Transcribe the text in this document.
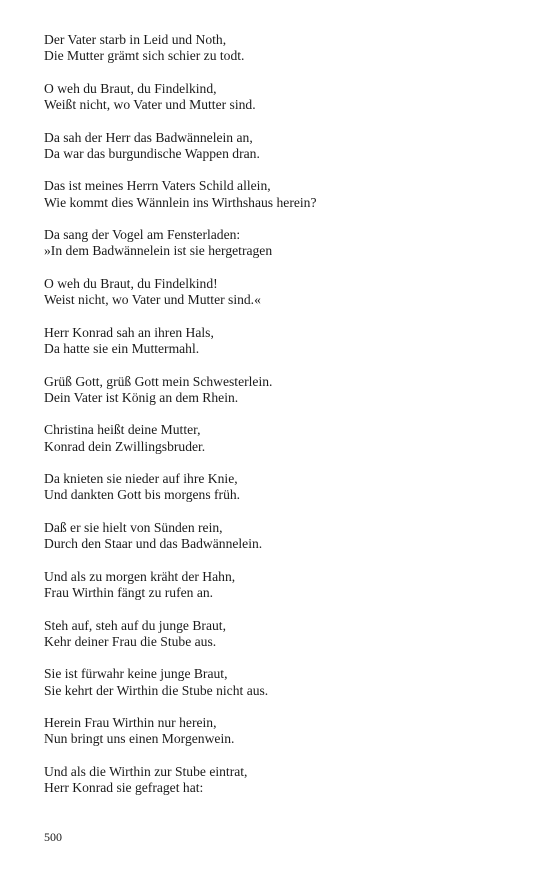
Der Vater starb in Leid und Noth,
Die Mutter grämt sich schier zu todt.
O weh du Braut, du Findelkind,
Weißt nicht, wo Vater und Mutter sind.
Da sah der Herr das Badwännelein an,
Da war das burgundische Wappen dran.
Das ist meines Herrn Vaters Schild allein,
Wie kommt dies Wännlein ins Wirthshaus herein?
Da sang der Vogel am Fensterladen:
»In dem Badwännelein ist sie hergetragen
O weh du Braut, du Findelkind!
Weist nicht, wo Vater und Mutter sind.«
Herr Konrad sah an ihren Hals,
Da hatte sie ein Muttermahl.
Grüß Gott, grüß Gott mein Schwesterlein.
Dein Vater ist König an dem Rhein.
Christina heißt deine Mutter,
Konrad dein Zwillingsbruder.
Da knieten sie nieder auf ihre Knie,
Und dankten Gott bis morgens früh.
Daß er sie hielt von Sünden rein,
Durch den Staar und das Badwännelein.
Und als zu morgen kräht der Hahn,
Frau Wirthin fängt zu rufen an.
Steh auf, steh auf du junge Braut,
Kehr deiner Frau die Stube aus.
Sie ist fürwahr keine junge Braut,
Sie kehrt der Wirthin die Stube nicht aus.
Herein Frau Wirthin nur herein,
Nun bringt uns einen Morgenwein.
Und als die Wirthin zur Stube eintrat,
Herr Konrad sie gefraget hat:
500
